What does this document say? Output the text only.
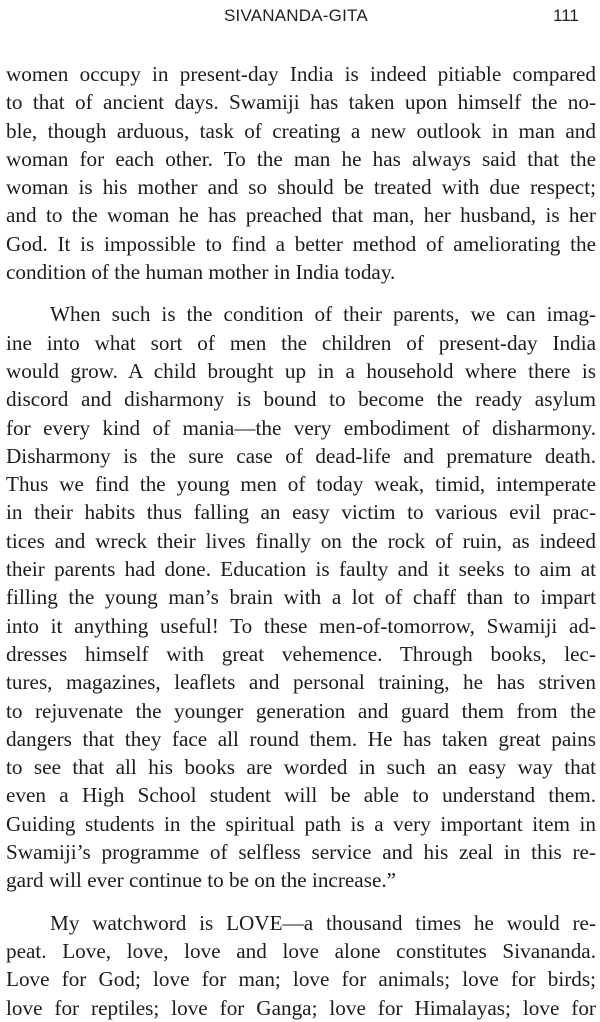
SIVANANDA-GITA	111
women occupy in present-day India is indeed pitiable compared
to that of ancient days. Swamiji has taken upon himself the no-
ble, though arduous, task of creating a new outlook in man and
woman for each other. To the man he has always said that the
woman is his mother and so should be treated with due respect;
and to the woman he has preached that man, her husband, is her
God. It is impossible to find a better method of ameliorating the
condition of the human mother in India today.
When such is the condition of their parents, we can imag-
ine into what sort of men the children of present-day India
would grow. A child brought up in a household where there is
discord and disharmony is bound to become the ready asylum
for every kind of mania—the very embodiment of disharmony.
Disharmony is the sure case of dead-life and premature death.
Thus we find the young men of today weak, timid, intemperate
in their habits thus falling an easy victim to various evil prac-
tices and wreck their lives finally on the rock of ruin, as indeed
their parents had done. Education is faulty and it seeks to aim at
filling the young man’s brain with a lot of chaff than to impart
into it anything useful! To these men-of-tomorrow, Swamiji ad-
dresses himself with great vehemence. Through books, lec-
tures, magazines, leaflets and personal training, he has striven
to rejuvenate the younger generation and guard them from the
dangers that they face all round them. He has taken great pains
to see that all his books are worded in such an easy way that
even a High School student will be able to understand them.
Guiding students in the spiritual path is a very important item in
Swamiji’s programme of selfless service and his zeal in this re-
gard will ever continue to be on the increase.”
My watchword is LOVE—a thousand times he would re-
peat. Love, love, love and love alone constitutes Sivananda.
Love for God; love for man; love for animals; love for birds;
love for reptiles; love for Ganga; love for Himalayas; love for
